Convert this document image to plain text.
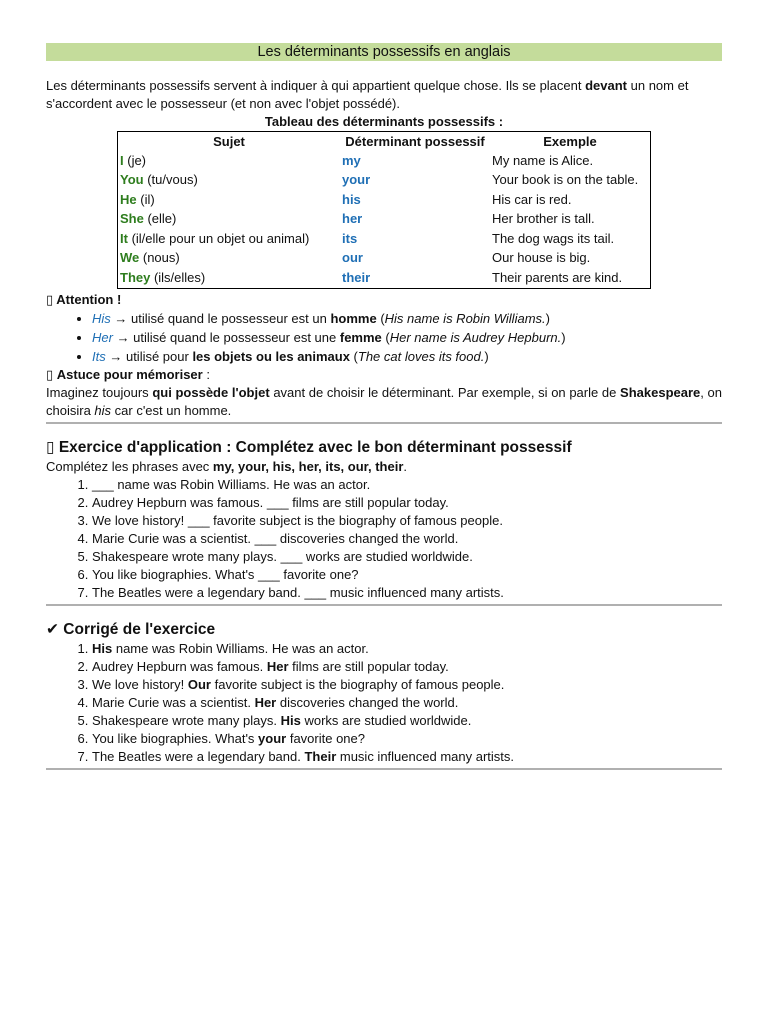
Les déterminants possessifs en anglais

Les déterminants possessifs servent à indiquer à qui appartient quelque chose. Ils se placent devant un nom et s'accordent avec le possesseur (et non avec l'objet possédé).

Tableau des déterminants possessifs :
Sujet	Déterminant possessif	Exemple
I (je)	my	My name is Alice.
You (tu/vous)	your	Your book is on the table.
He (il)	his	His car is red.
She (elle)	her	Her brother is tall.
It (il/elle pour un objet ou animal)	its	The dog wags its tail.
We (nous)	our	Our house is big.
They (ils/elles)	their	Their parents are kind.
▯ Attention !
• His → utilisé quand le possesseur est un homme (His name is Robin Williams.)
• Her → utilisé quand le possesseur est une femme (Her name is Audrey Hepburn.)
• Its → utilisé pour les objets ou les animaux (The cat loves its food.)
▯ Astuce pour mémoriser :

Imaginez toujours qui possède l'objet avant de choisir le déterminant. Par exemple, si on parle de Shakespeare, on choisira his car c'est un homme.

▯ Exercice d'application : Complétez avec le bon déterminant possessif
Complétez les phrases avec my, your, his, her, its, our, their.
1. ___ name was Robin Williams. He was an actor.
2. Audrey Hepburn was famous. ___ films are still popular today.
3. We love history! ___ favorite subject is the biography of famous people.
4. Marie Curie was a scientist. ___ discoveries changed the world.
5. Shakespeare wrote many plays. ___ works are studied worldwide.
6. You like biographies. What's ___ favorite one?
7. The Beatles were a legendary band. ___ music influenced many artists.
✔ Corrigé de l'exercice
1. His name was Robin Williams. He was an actor.
2. Audrey Hepburn was famous. Her films are still popular today.
3. We love history! Our favorite subject is the biography of famous people.
4. Marie Curie was a scientist. Her discoveries changed the world.
5. Shakespeare wrote many plays. His works are studied worldwide.
6. You like biographies. What's your favorite one?
7. The Beatles were a legendary band. Their music influenced many artists.
